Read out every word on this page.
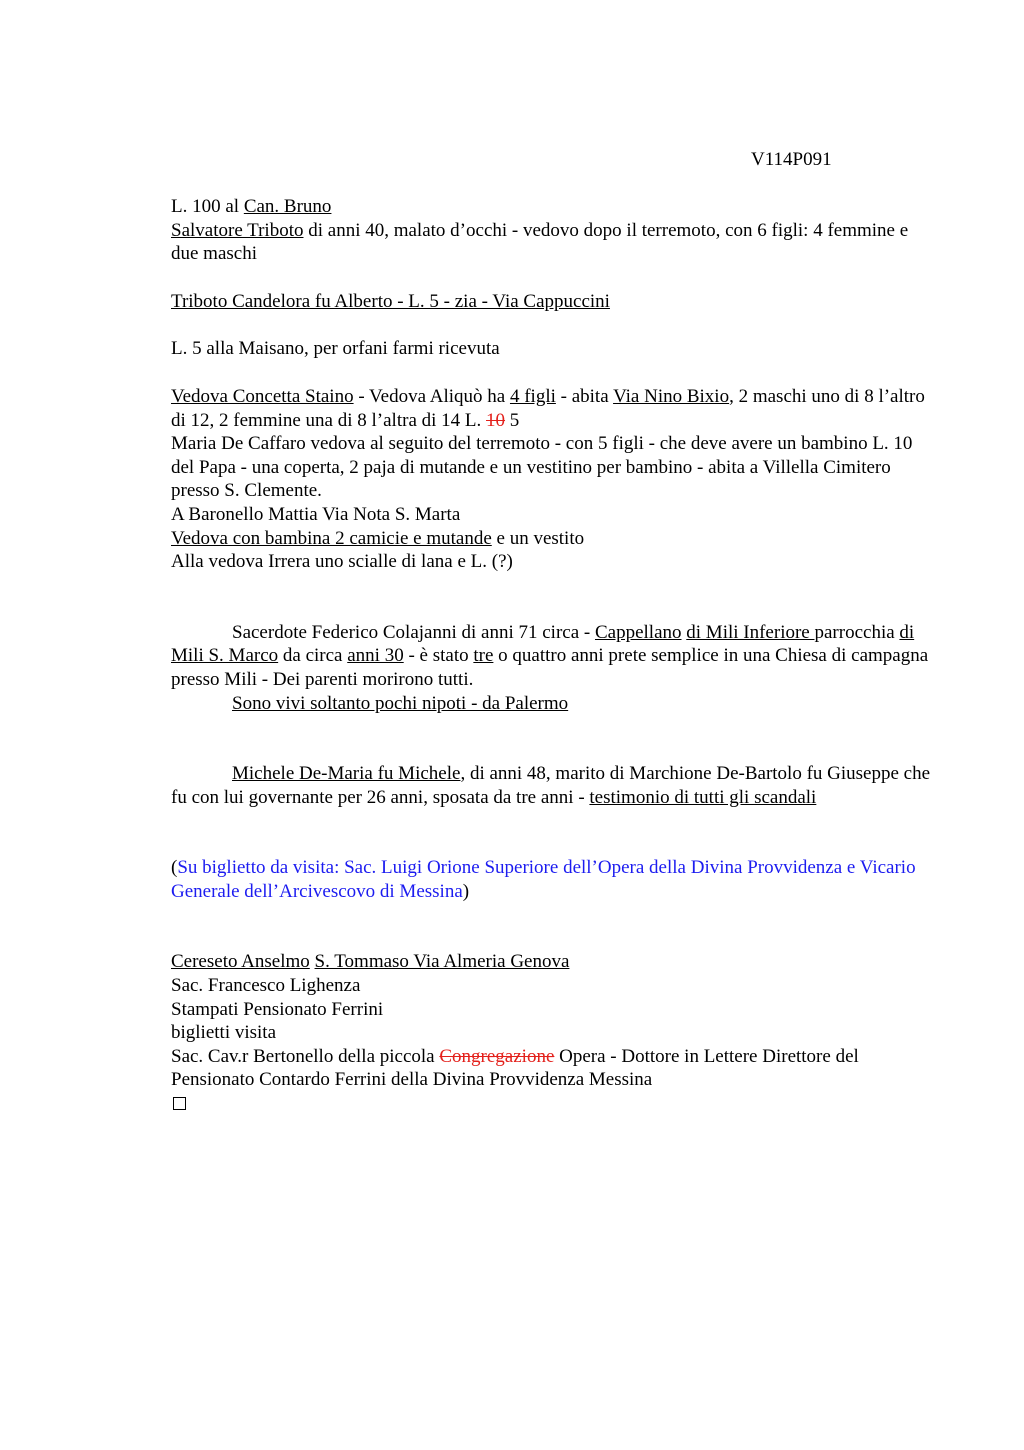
V114P091
L. 100 al Can. Bruno
Salvatore Triboto di anni 40, malato d’occhi - vedovo dopo il terremoto, con 6 figli: 4 femmine e due maschi
Triboto Candelora fu Alberto - L. 5 - zia - Via Cappuccini
L. 5 alla Maisano, per orfani farmi ricevuta
Vedova Concetta Staino - Vedova Aliquò ha 4 figli - abita Via Nino Bixio, 2 maschi uno di 8 l’altro di 12, 2 femmine una di 8 l’altra di 14 L. 10 5
Maria De Caffaro vedova al seguito del terremoto - con 5 figli - che deve avere un bambino L. 10 del Papa - una coperta, 2 paja di mutande e un vestitino per bambino - abita a Villella Cimitero presso S. Clemente.
A Baronello Mattia Via Nota S. Marta
Vedova con bambina 2 camicie e mutande e un vestito
Alla vedova Irrera uno scialle di lana e L. (?)
Sacerdote Federico Colajanni di anni 71 circa - Cappellano di Mili Inferiore parrocchia di Mili S. Marco da circa anni 30 - è stato tre o quattro anni prete semplice in una Chiesa di campagna presso Mili - Dei parenti morirono tutti.
Sono vivi soltanto pochi nipoti - da Palermo
Michele De-Maria fu Michele, di anni 48, marito di Marchione De-Bartolo fu Giuseppe che fu con lui governante per 26 anni, sposata da tre anni - testimonio di tutti gli scandali
(Su biglietto da visita: Sac. Luigi Orione Superiore dell’Opera della Divina Provvidenza e Vicario Generale dell’Arcivescovo di Messina)
Cereseto Anselmo S. Tommaso Via Almeria Genova
Sac. Francesco Lighenza
Stampati Pensionato Ferrini
biglietti visita
Sac. Cav.r Bertonello della piccola Congregazione Opera - Dottore in Lettere Direttore del Pensionato Contardo Ferrini della Divina Provvidenza Messina
